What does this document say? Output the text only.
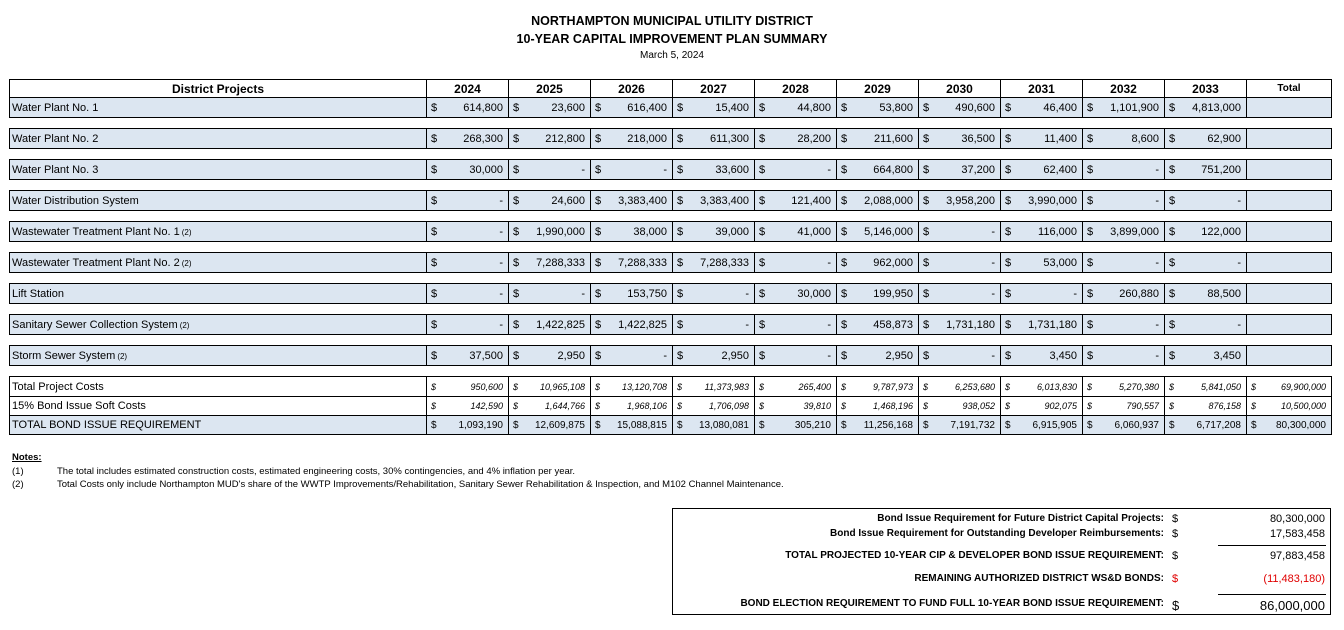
NORTHAMPTON MUNICIPAL UTILITY DISTRICT
10-YEAR CAPITAL IMPROVEMENT PLAN SUMMARY
March 5, 2024
District Projects	2024	2025	2026	2027	2028	2029	2030	2031	2032	2033	Total
Water Plant No. 1	$ 614,800	$ 23,600	$ 616,400	$ 15,400	$ 44,800	$ 53,800	$ 490,600	$ 46,400	$ 1,101,900	$ 4,813,000	

Water Plant No. 2	$ 268,300	$ 212,800	$ 218,000	$ 611,300	$ 28,200	$ 211,600	$ 36,500	$ 11,400	$ 8,600	$ 62,900	

Water Plant No. 3	$ 30,000	$ -	$ -	$ 33,600	$ -	$ 664,800	$ 37,200	$ 62,400	$ -	$ 751,200	

Water Distribution System	$ -	$ 24,600	$ 3,383,400	$ 3,383,400	$ 121,400	$ 2,088,000	$ 3,958,200	$ 3,990,000	$ -	$ -	

Wastewater Treatment Plant No. 1 (2)	$ -	$ 1,990,000	$ 38,000	$ 39,000	$ 41,000	$ 5,146,000	$ -	$ 116,000	$ 3,899,000	$ 122,000	

Wastewater Treatment Plant No. 2 (2)	$ -	$ 7,288,333	$ 7,288,333	$ 7,288,333	$ -	$ 962,000	$ -	$ 53,000	$ -	$ -	

Lift Station	$ -	$ -	$ 153,750	$ -	$ 30,000	$ 199,950	$ -	$ -	$ 260,880	$ 88,500	

Sanitary Sewer Collection System (2)	$ -	$ 1,422,825	$ 1,422,825	$ -	$ -	$ 458,873	$ 1,731,180	$ 1,731,180	$ -	$ -	

Storm Sewer System (2)	$ 37,500	$ 2,950	$ -	$ 2,950	$ -	$ 2,950	$ -	$ 3,450	$ -	$ 3,450	

Total Project Costs	$ 950,600	$ 10,965,108	$ 13,120,708	$ 11,373,983	$ 265,400	$ 9,787,973	$ 6,253,680	$ 6,013,830	$ 5,270,380	$ 5,841,050	$ 69,900,000

15% Bond Issue Soft Costs	$ 142,590	$ 1,644,766	$ 1,968,106	$ 1,706,098	$ 39,810	$ 1,468,196	$ 938,052	$ 902,075	$ 790,557	$ 876,158	$ 10,500,000

TOTAL BOND ISSUE REQUIREMENT	$ 1,093,190	$ 12,609,875	$ 15,088,815	$ 13,080,081	$ 305,210	$ 11,256,168	$ 7,191,732	$ 6,915,905	$ 6,060,937	$ 6,717,208	$ 80,300,000
Notes:
(1)	The total includes estimated construction costs, estimated engineering costs, 30% contingencies, and 4% inflation per year.
(2)	Total Costs only include Northampton MUD's share of the WWTP Improvements/Rehabilitation, Sanitary Sewer Rehabilitation & Inspection, and M102 Channel Maintenance.
Bond Issue Requirement for Future District Capital Projects: $	80,300,000
Bond Issue Requirement for Outstanding Developer Reimbursements: $	17,583,458
TOTAL PROJECTED 10-YEAR CIP & DEVELOPER BOND ISSUE REQUIREMENT: $	97,883,458
REMAINING AUTHORIZED DISTRICT WS&D BONDS: $	(11,483,180)
BOND ELECTION REQUIREMENT TO FUND FULL 10-YEAR BOND ISSUE REQUIREMENT: $	86,000,000
